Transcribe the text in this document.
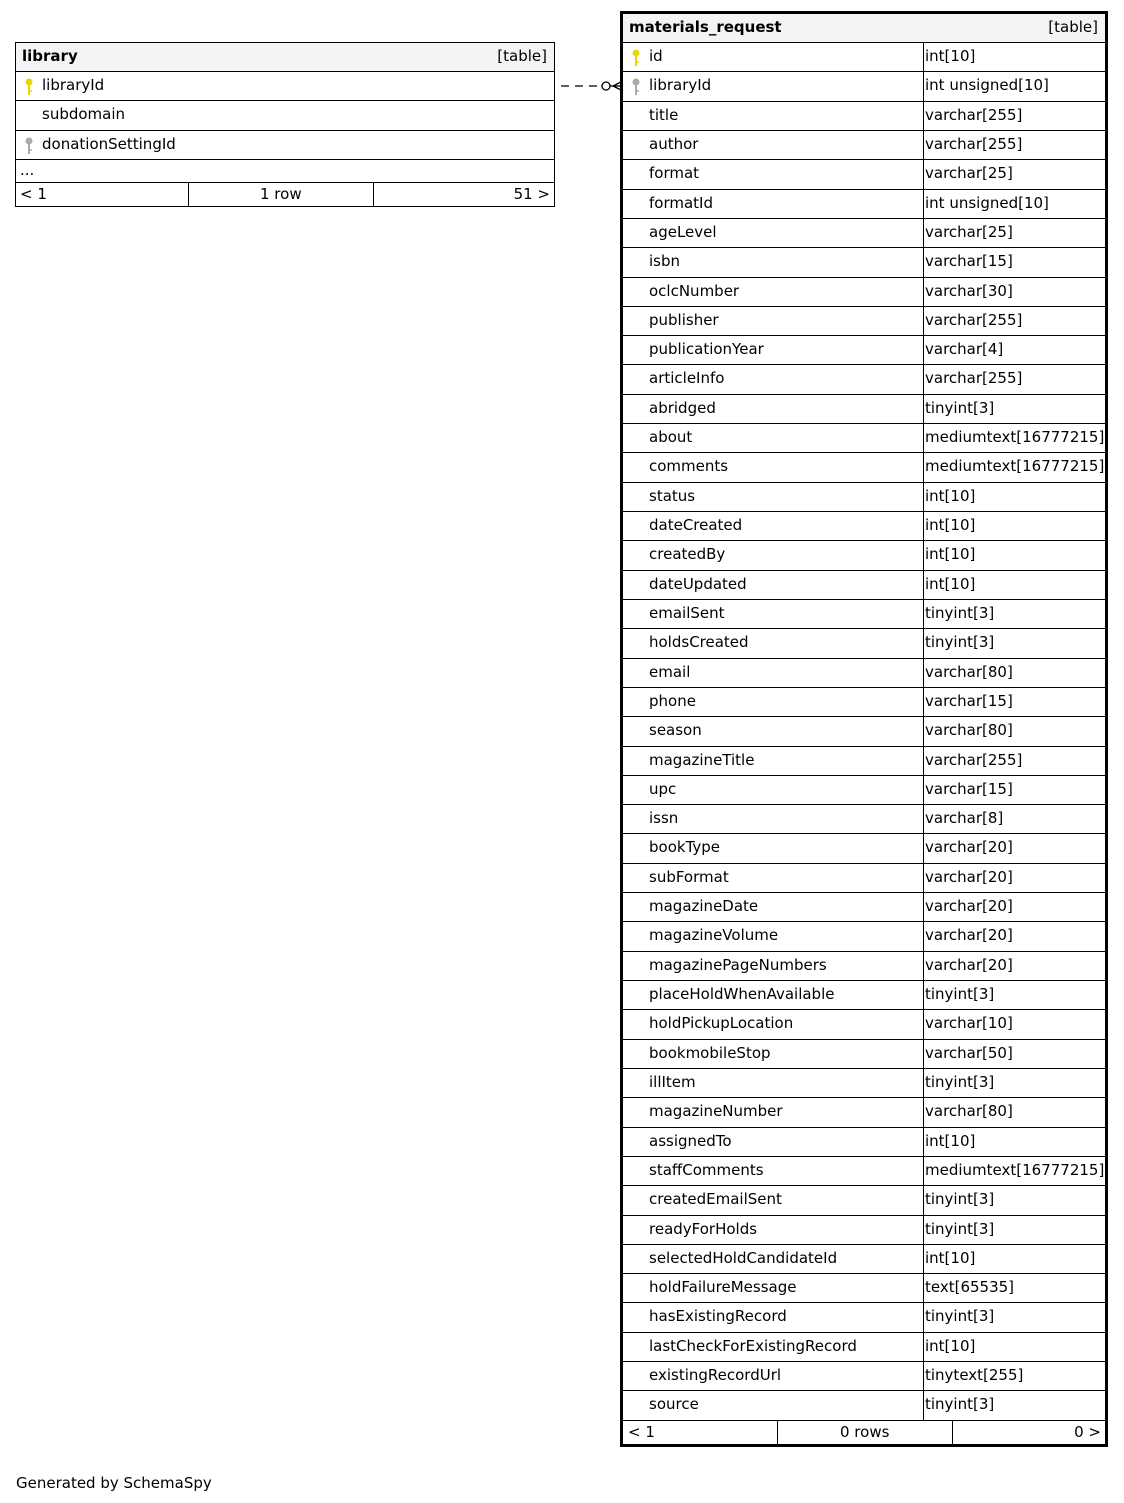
library	[table]
libraryId
subdomain
donationSettingId
...
< 1	1 row	51 >
materials_request	[table]
id	int[10]
libraryId	int unsigned[10]
title	varchar[255]
author	varchar[255]
format	varchar[25]
formatId	int unsigned[10]
ageLevel	varchar[25]
isbn	varchar[15]
oclcNumber	varchar[30]
publisher	varchar[255]
publicationYear	varchar[4]
articleInfo	varchar[255]
abridged	tinyint[3]
about	mediumtext[16777215]
comments	mediumtext[16777215]
status	int[10]
dateCreated	int[10]
createdBy	int[10]
dateUpdated	int[10]
emailSent	tinyint[3]
holdsCreated	tinyint[3]
email	varchar[80]
phone	varchar[15]
season	varchar[80]
magazineTitle	varchar[255]
upc	varchar[15]
issn	varchar[8]
bookType	varchar[20]
subFormat	varchar[20]
magazineDate	varchar[20]
magazineVolume	varchar[20]
magazinePageNumbers	varchar[20]
placeHoldWhenAvailable	tinyint[3]
holdPickupLocation	varchar[10]
bookmobileStop	varchar[50]
illItem	tinyint[3]
magazineNumber	varchar[80]
assignedTo	int[10]
staffComments	mediumtext[16777215]
createdEmailSent	tinyint[3]
readyForHolds	tinyint[3]
selectedHoldCandidateId	int[10]
holdFailureMessage	text[65535]
hasExistingRecord	tinyint[3]
lastCheckForExistingRecord	int[10]
existingRecordUrl	tinytext[255]
source	tinyint[3]
< 1	0 rows	0 >
Generated by SchemaSpy
